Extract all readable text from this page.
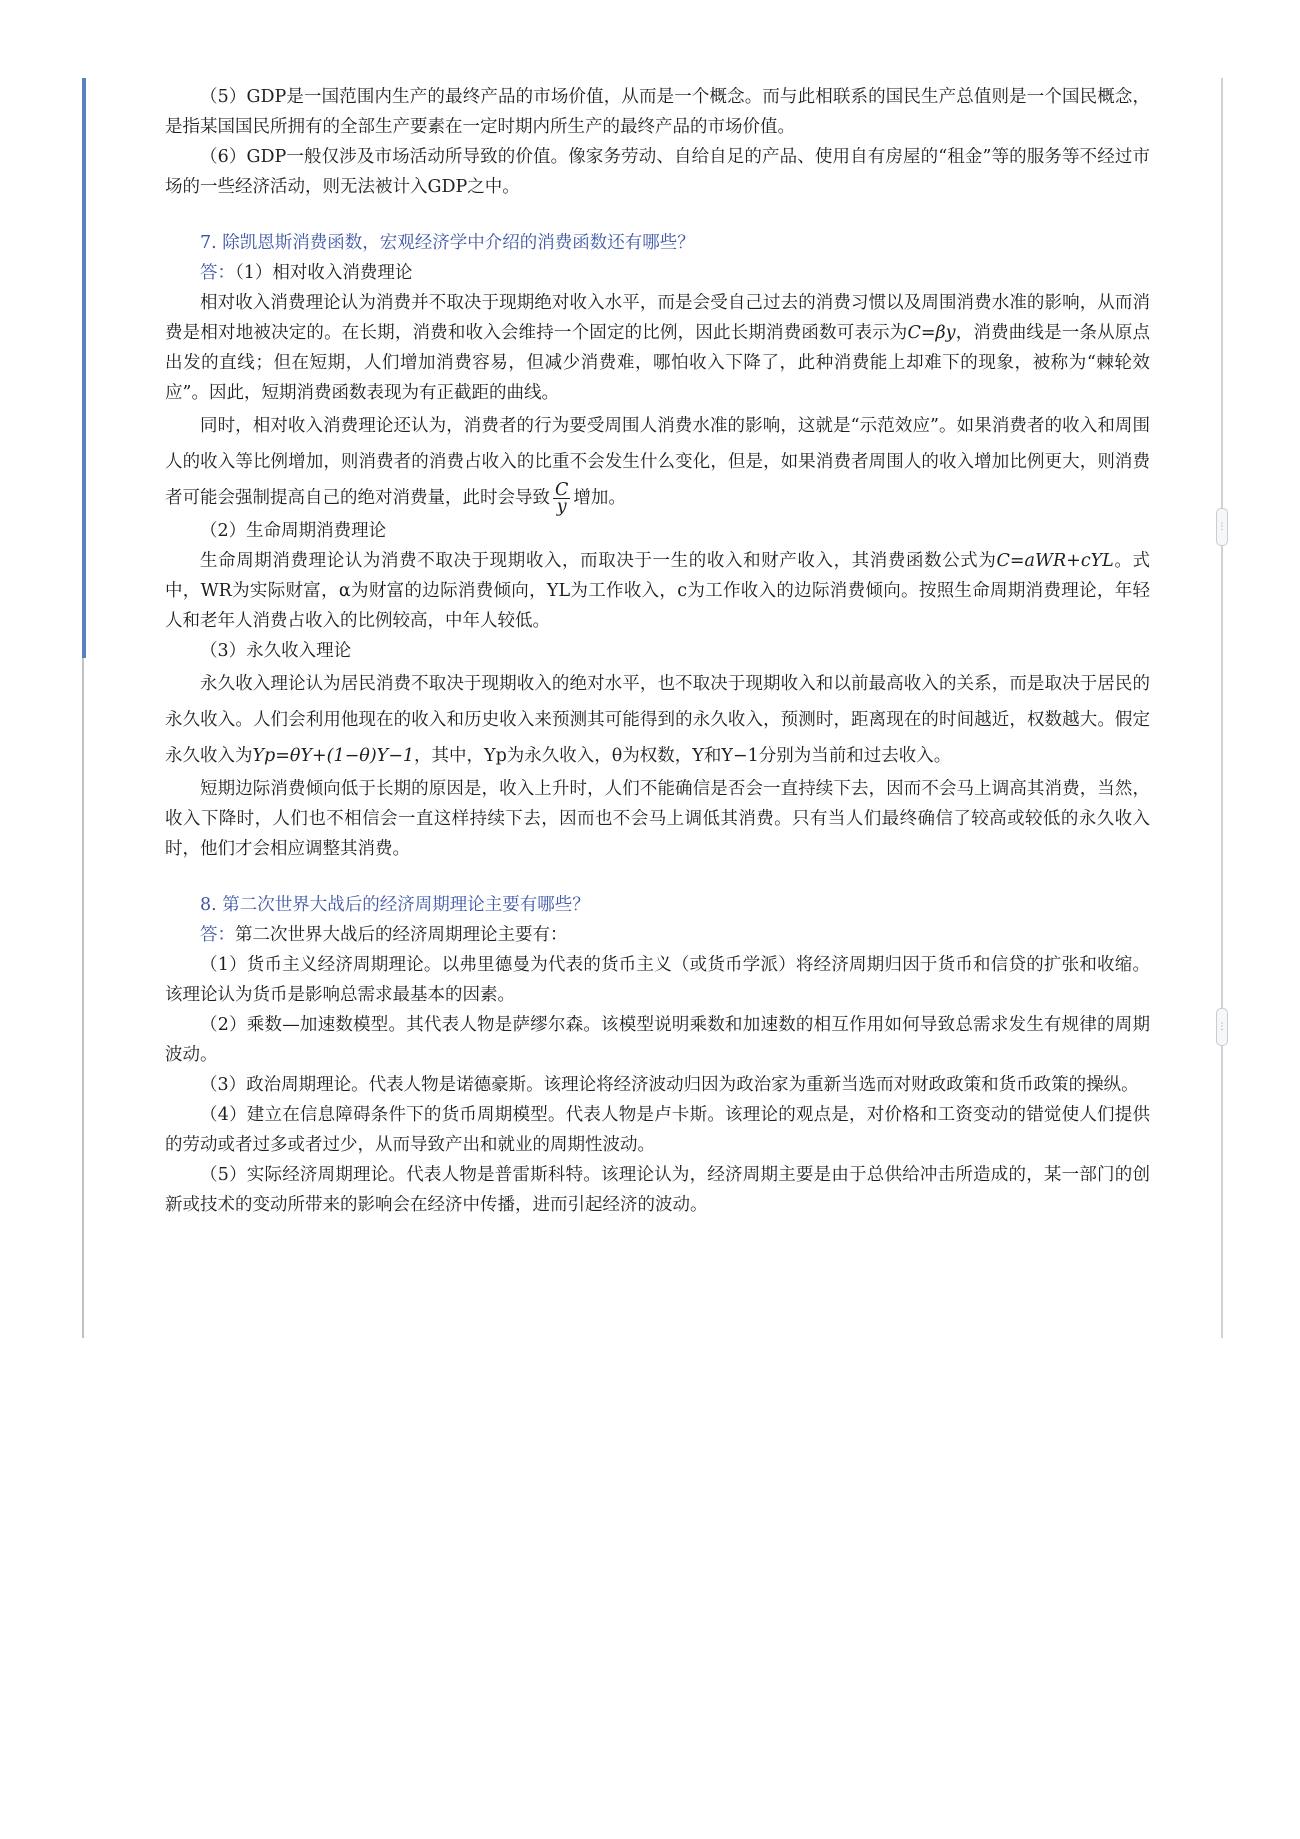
⋮
⋮

（5）GDP是一国范围内生产的最终产品的市场价值，从而是一个概念。而与此相联系的国民生产总值则是一个国民概念，是指某国国民所拥有的全部生产要素在一定时期内所生产的最终产品的市场价值。

（6）GDP一般仅涉及市场活动所导致的价值。像家务劳动、自给自足的产品、使用自有房屋的“租金”等的服务等不经过市场的一些经济活动，则无法被计入GDP之中。

7. 除凯恩斯消费函数，宏观经济学中介绍的消费函数还有哪些？

答：（1）相对收入消费理论

相对收入消费理论认为消费并不取决于现期绝对收入水平，而是会受自己过去的消费习惯以及周围消费水准的影响，从而消费是相对地被决定的。在长期，消费和收入会维持一个固定的比例，因此长期消费函数可表示为C=βy，消费曲线是一条从原点出发的直线；但在短期，人们增加消费容易，但减少消费难，哪怕收入下降了，此种消费能上却难下的现象，被称为“棘轮效应”。因此，短期消费函数表现为有正截距的曲线。

同时，相对收入消费理论还认为，消费者的行为要受周围人消费水准的影响，这就是“示范效应”。如果消费者的收入和周围人的收入等比例增加，则消费者的消费占收入的比重不会发生什么变化，但是，如果消费者周围人的收入增加比例更大，则消费者可能会强制提高自己的绝对消费量，此时会导致 $\frac{C}{y}$ 增加。

（2）生命周期消费理论

生命周期消费理论认为消费不取决于现期收入，而取决于一生的收入和财产收入，其消费函数公式为C=aWR+cYL。式中，WR为实际财富，α为财富的边际消费倾向，YL为工作收入，c为工作收入的边际消费倾向。按照生命周期消费理论，年轻人和老年人消费占收入的比例较高，中年人较低。

（3）永久收入理论

永久收入理论认为居民消费不取决于现期收入的绝对水平，也不取决于现期收入和以前最高收入的关系，而是取决于居民的永久收入。人们会利用他现在的收入和历史收入来预测其可能得到的永久收入，预测时，距离现在的时间越近，权数越大。假定永久收入为Yp=θY+(1−θ)Y−1，其中，Yp为永久收入，θ为权数，Y和Y−1分别为当前和过去收入。

短期边际消费倾向低于长期的原因是，收入上升时，人们不能确信是否会一直持续下去，因而不会马上调高其消费，当然，收入下降时，人们也不相信会一直这样持续下去，因而也不会马上调低其消费。只有当人们最终确信了较高或较低的永久收入时，他们才会相应调整其消费。

8. 第二次世界大战后的经济周期理论主要有哪些？

答：第二次世界大战后的经济周期理论主要有：

（1）货币主义经济周期理论。以弗里德曼为代表的货币主义（或货币学派）将经济周期归因于货币和信贷的扩张和收缩。该理论认为货币是影响总需求最基本的因素。

（2）乘数—加速数模型。其代表人物是萨缪尔森。该模型说明乘数和加速数的相互作用如何导致总需求发生有规律的周期波动。

（3）政治周期理论。代表人物是诺德豪斯。该理论将经济波动归因为政治家为重新当选而对财政政策和货币政策的操纵。

（4）建立在信息障碍条件下的货币周期模型。代表人物是卢卡斯。该理论的观点是，对价格和工资变动的错觉使人们提供的劳动或者过多或者过少，从而导致产出和就业的周期性波动。

（5）实际经济周期理论。代表人物是普雷斯科特。该理论认为，经济周期主要是由于总供给冲击所造成的，某一部门的创新或技术的变动所带来的影响会在经济中传播，进而引起经济的波动。
